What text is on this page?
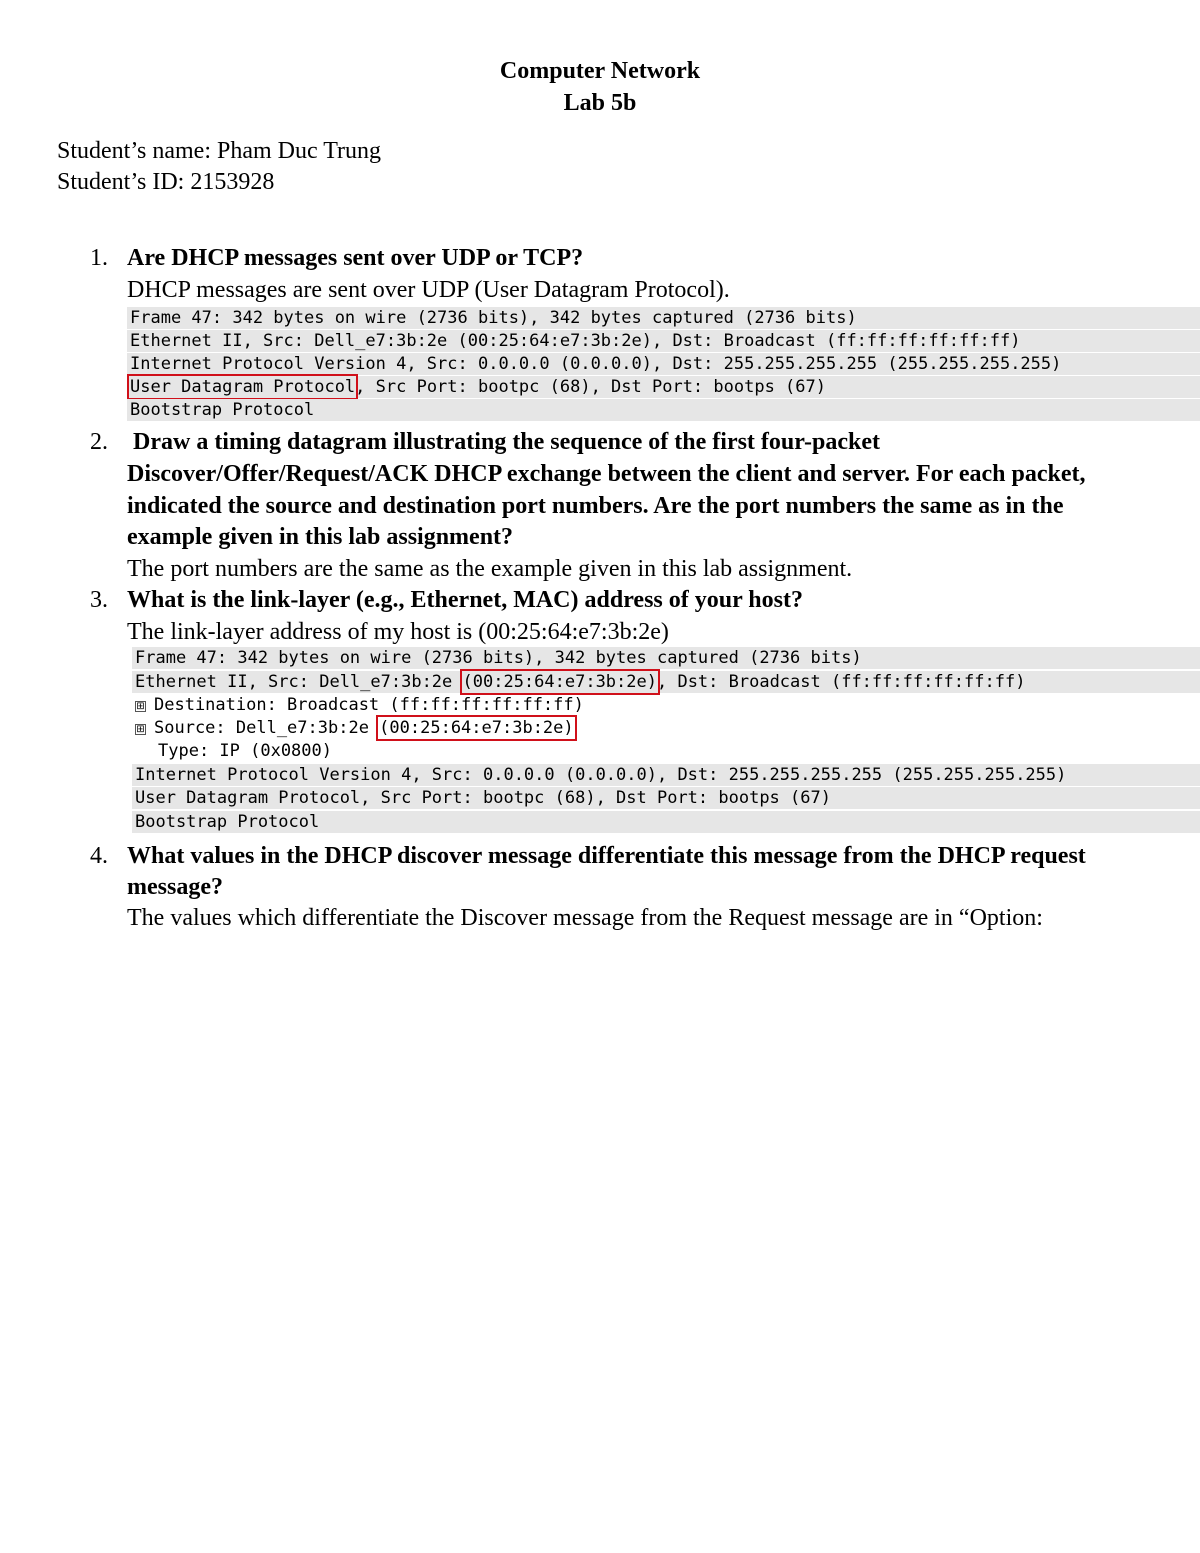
Computer Network
Lab 5b
Student’s name: Pham Duc Trung
Student’s ID: 2153928
1. Are DHCP messages sent over UDP or TCP?
DHCP messages are sent over UDP (User Datagram Protocol).
Frame 47: 342 bytes on wire (2736 bits), 342 bytes captured (2736 bits)
Ethernet II, Src: Dell_e7:3b:2e (00:25:64:e7:3b:2e), Dst: Broadcast (ff:ff:ff:ff:ff:ff)
Internet Protocol Version 4, Src: 0.0.0.0 (0.0.0.0), Dst: 255.255.255.255 (255.255.255.255)
User Datagram Protocol, Src Port: bootpc (68), Dst Port: bootps (67)
Bootstrap Protocol
2. Draw a timing datagram illustrating the sequence of the first four-packet
Discover/Offer/Request/ACK DHCP exchange between the client and server. For each packet,
indicated the source and destination port numbers. Are the port numbers the same as in the
example given in this lab assignment?
The port numbers are the same as the example given in this lab assignment.
3. What is the link-layer (e.g., Ethernet, MAC) address of your host?
The link-layer address of my host is (00:25:64:e7:3b:2e)
Frame 47: 342 bytes on wire (2736 bits), 342 bytes captured (2736 bits)
Ethernet II, Src: Dell_e7:3b:2e (00:25:64:e7:3b:2e), Dst: Broadcast (ff:ff:ff:ff:ff:ff)
⊞ Destination: Broadcast (ff:ff:ff:ff:ff:ff)
⊞ Source: Dell_e7:3b:2e (00:25:64:e7:3b:2e)
Type: IP (0x0800)
Internet Protocol Version 4, Src: 0.0.0.0 (0.0.0.0), Dst: 255.255.255.255 (255.255.255.255)
User Datagram Protocol, Src Port: bootpc (68), Dst Port: bootps (67)
Bootstrap Protocol
4. What values in the DHCP discover message differentiate this message from the DHCP request
message?
The values which differentiate the Discover message from the Request message are in “Option:
